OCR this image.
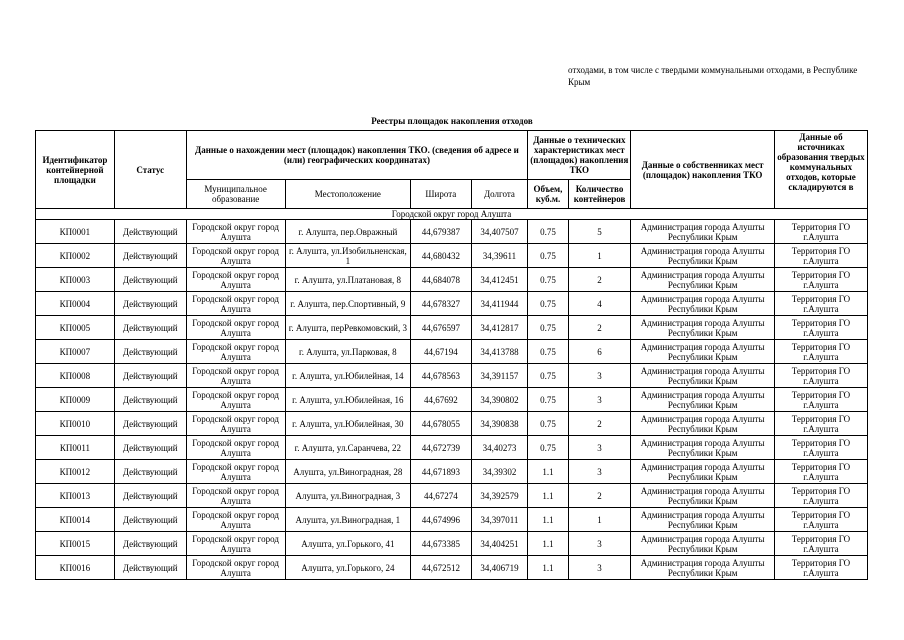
отходами, в том числе с твердыми коммунальными отходами, в Республике Крым
Реестры площадок накопления отходов
Идентификатор контейнерной площадки	Статус	Данные о нахождении мест (площадок) накопления ТКО. (сведения об адресе и (или) географических координатах)				Данные о технических характеристиках мест (площадок) накопления ТКО		Данные о собственниках мест (площадок) накопления ТКО	Данные об источниках образования твердых коммунальных отходов, которые складируются в

		Муниципальное образование	Местоположение	Широта	Долгота	Объем, куб.м.	Количество контейнеров		
Городской округ город Алушта									
КП0001	Действующий	Городской округ город Алушта	г. Алушта, пер.Овражный	44,679387	34,407507	0.75	5	Администрация города Алушты Республики Крым	Территория ГО г.Алушта
КП0002	Действующий	Городской округ город Алушта	г. Алушта, ул.Изобильненская, 1	44,680432	34,39611	0.75	1	Администрация города Алушты Республики Крым	Территория ГО г.Алушта
КП0003	Действующий	Городской округ город Алушта	г. Алушта, ул.Платановая, 8	44,684078	34,412451	0.75	2	Администрация города Алушты Республики Крым	Территория ГО г.Алушта
КП0004	Действующий	Городской округ город Алушта	г. Алушта, пер.Спортивный, 9	44,678327	34,411944	0.75	4	Администрация города Алушты Республики Крым	Территория ГО г.Алушта
КП0005	Действующий	Городской округ город Алушта	г. Алушта, перРевкомовский, 3	44,676597	34,412817	0.75	2	Администрация города Алушты Республики Крым	Территория ГО г.Алушта
КП0007	Действующий	Городской округ город Алушта	г. Алушта, ул.Парковая, 8	44,67194	34,413788	0.75	6	Администрация города Алушты Республики Крым	Территория ГО г.Алушта
КП0008	Действующий	Городской округ город Алушта	г. Алушта, ул.Юбилейная, 14	44,678563	34,391157	0.75	3	Администрация города Алушты Республики Крым	Территория ГО г.Алушта
КП0009	Действующий	Городской округ город Алушта	г. Алушта, ул.Юбилейная, 16	44,67692	34,390802	0.75	3	Администрация города Алушты Республики Крым	Территория ГО г.Алушта
КП0010	Действующий	Городской округ город Алушта	г. Алушта, ул.Юбилейная, 30	44,678055	34,390838	0.75	2	Администрация города Алушты Республики Крым	Территория ГО г.Алушта
КП0011	Действующий	Городской округ город Алушта	г. Алушта, ул.Саранчева, 22	44,672739	34,40273	0.75	3	Администрация города Алушты Республики Крым	Территория ГО г.Алушта
КП0012	Действующий	Городской округ город Алушта	Алушта, ул.Виноградная, 28	44,671893	34,39302	1.1	3	Администрация города Алушты Республики Крым	Территория ГО г.Алушта
КП0013	Действующий	Городской округ город Алушта	Алушта, ул.Виноградная, 3	44,67274	34,392579	1.1	2	Администрация города Алушты Республики Крым	Территория ГО г.Алушта
КП0014	Действующий	Городской округ город Алушта	Алушта, ул.Виноградная, 1	44,674996	34,397011	1.1	1	Администрация города Алушты Республики Крым	Территория ГО г.Алушта
КП0015	Действующий	Городской округ город Алушта	Алушта, ул.Горького, 41	44,673385	34,404251	1.1	3	Администрация города Алушты Республики Крым	Территория ГО г.Алушта
КП0016	Действующий	Городской округ город Алушта	Алушта, ул.Горького, 24	44,672512	34,406719	1.1	3	Администрация города Алушты Республики Крым	Территория ГО г.Алушта
